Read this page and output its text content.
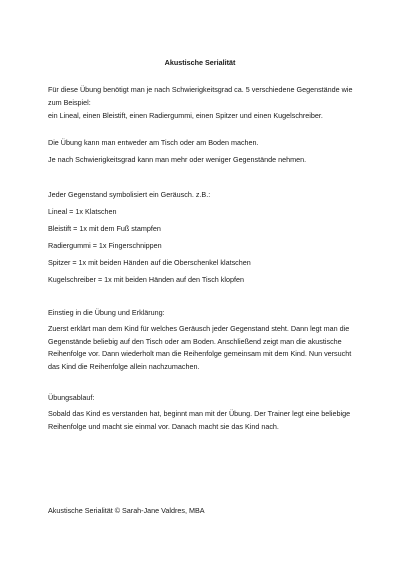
Akustische Serialität
Für diese Übung benötigt man je nach Schwierigkeitsgrad ca. 5 verschiedene Gegenstände wie zum Beispiel:
ein Lineal, einen Bleistift, einen Radiergummi, einen Spitzer und einen Kugelschreiber.
Die Übung kann man entweder am Tisch oder am Boden machen.
Je nach Schwierigkeitsgrad kann man mehr oder weniger Gegenstände nehmen.
Jeder Gegenstand symbolisiert ein Geräusch. z.B.:
Lineal = 1x Klatschen
Bleistift = 1x mit dem Fuß stampfen
Radiergummi = 1x Fingerschnippen
Spitzer = 1x mit beiden Händen auf die Oberschenkel klatschen
Kugelschreiber = 1x mit beiden Händen auf den Tisch klopfen
Einstieg in die Übung und Erklärung:
Zuerst erklärt man dem Kind für welches Geräusch jeder Gegenstand steht. Dann legt man die Gegenstände beliebig auf den Tisch oder am Boden. Anschließend zeigt man die akustische Reihenfolge vor. Dann wiederholt man die Reihenfolge gemeinsam mit dem Kind. Nun versucht das Kind die Reihenfolge allein nachzumachen.
Übungsablauf:
Sobald das Kind es verstanden hat, beginnt man mit der Übung. Der Trainer legt eine beliebige Reihenfolge und macht sie einmal vor. Danach macht sie das Kind nach.
Akustische Serialität © Sarah-Jane Valdres, MBA
